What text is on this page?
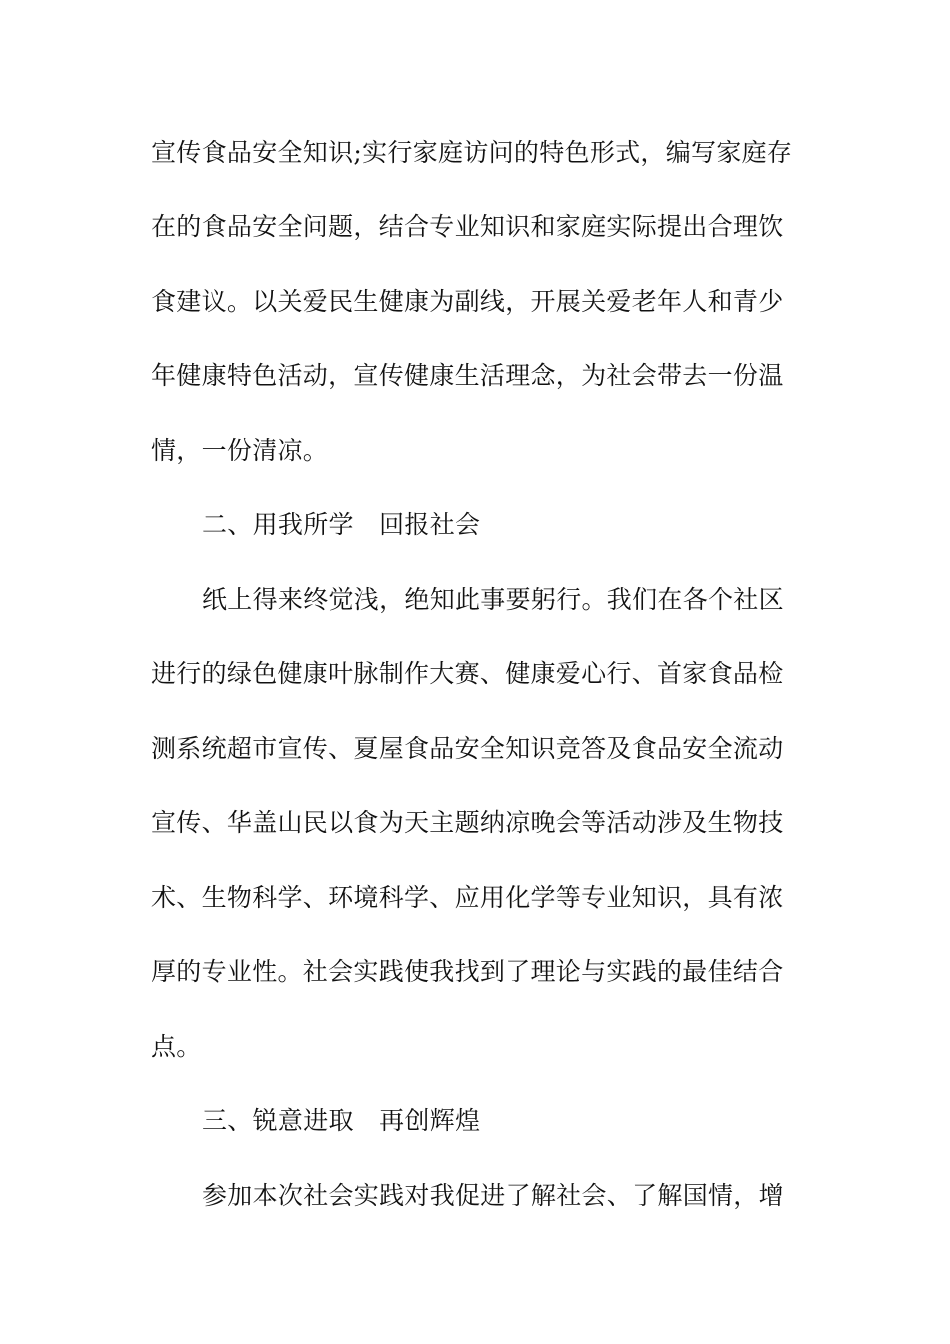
宣传食品安全知识;实行家庭访问的特色形式，编写家庭存
在的食品安全问题，结合专业知识和家庭实际提出合理饮
食建议。以关爱民生健康为副线，开展关爱老年人和青少
年健康特色活动，宣传健康生活理念，为社会带去一份温
情，一份清凉。
二、用我所学　回报社会
纸上得来终觉浅，绝知此事要躬行。我们在各个社区
进行的绿色健康叶脉制作大赛、健康爱心行、首家食品检
测系统超市宣传、夏屋食品安全知识竞答及食品安全流动
宣传、华盖山民以食为天主题纳凉晚会等活动涉及生物技
术、生物科学、环境科学、应用化学等专业知识，具有浓
厚的专业性。社会实践使我找到了理论与实践的最佳结合
点。
三、锐意进取　再创辉煌
参加本次社会实践对我促进了解社会、了解国情，增
